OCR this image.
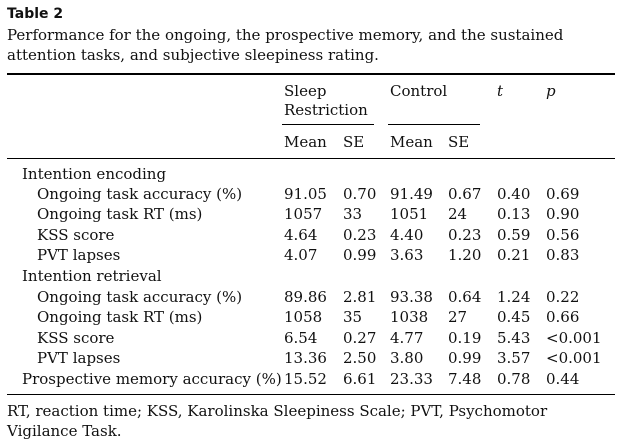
Table 2
Performance for the ongoing, the prospective memory, and the sustained attention tasks, and subjective sleepiness rating.
Sleep
Restriction
Control	t	p
Mean SE Mean SE
Intention encoding
Ongoing task accuracy (%)	91.05 0.70 91.49 0.67 0.40 0.69
Ongoing task RT (ms)	1057 33 1051 24 0.13 0.90
KSS score	4.64 0.23 4.40 0.23 0.59 0.56
PVT lapses	4.07 0.99 3.63 1.20 0.21 0.83
Intention retrieval
Ongoing task accuracy (%)	89.86 2.81 93.38 0.64 1.24 0.22
Ongoing task RT (ms)	1058 35 1038 27 0.45 0.66
KSS score	6.54 0.27 4.77 0.19 5.43 <0.001
PVT lapses	13.36 2.50 3.80 0.99 3.57 <0.001
Prospective memory accuracy (%) 15.52 6.61 23.33 7.48 0.78 0.44
RT, reaction time; KSS, Karolinska Sleepiness Scale; PVT, Psychomotor Vigilance Task.
